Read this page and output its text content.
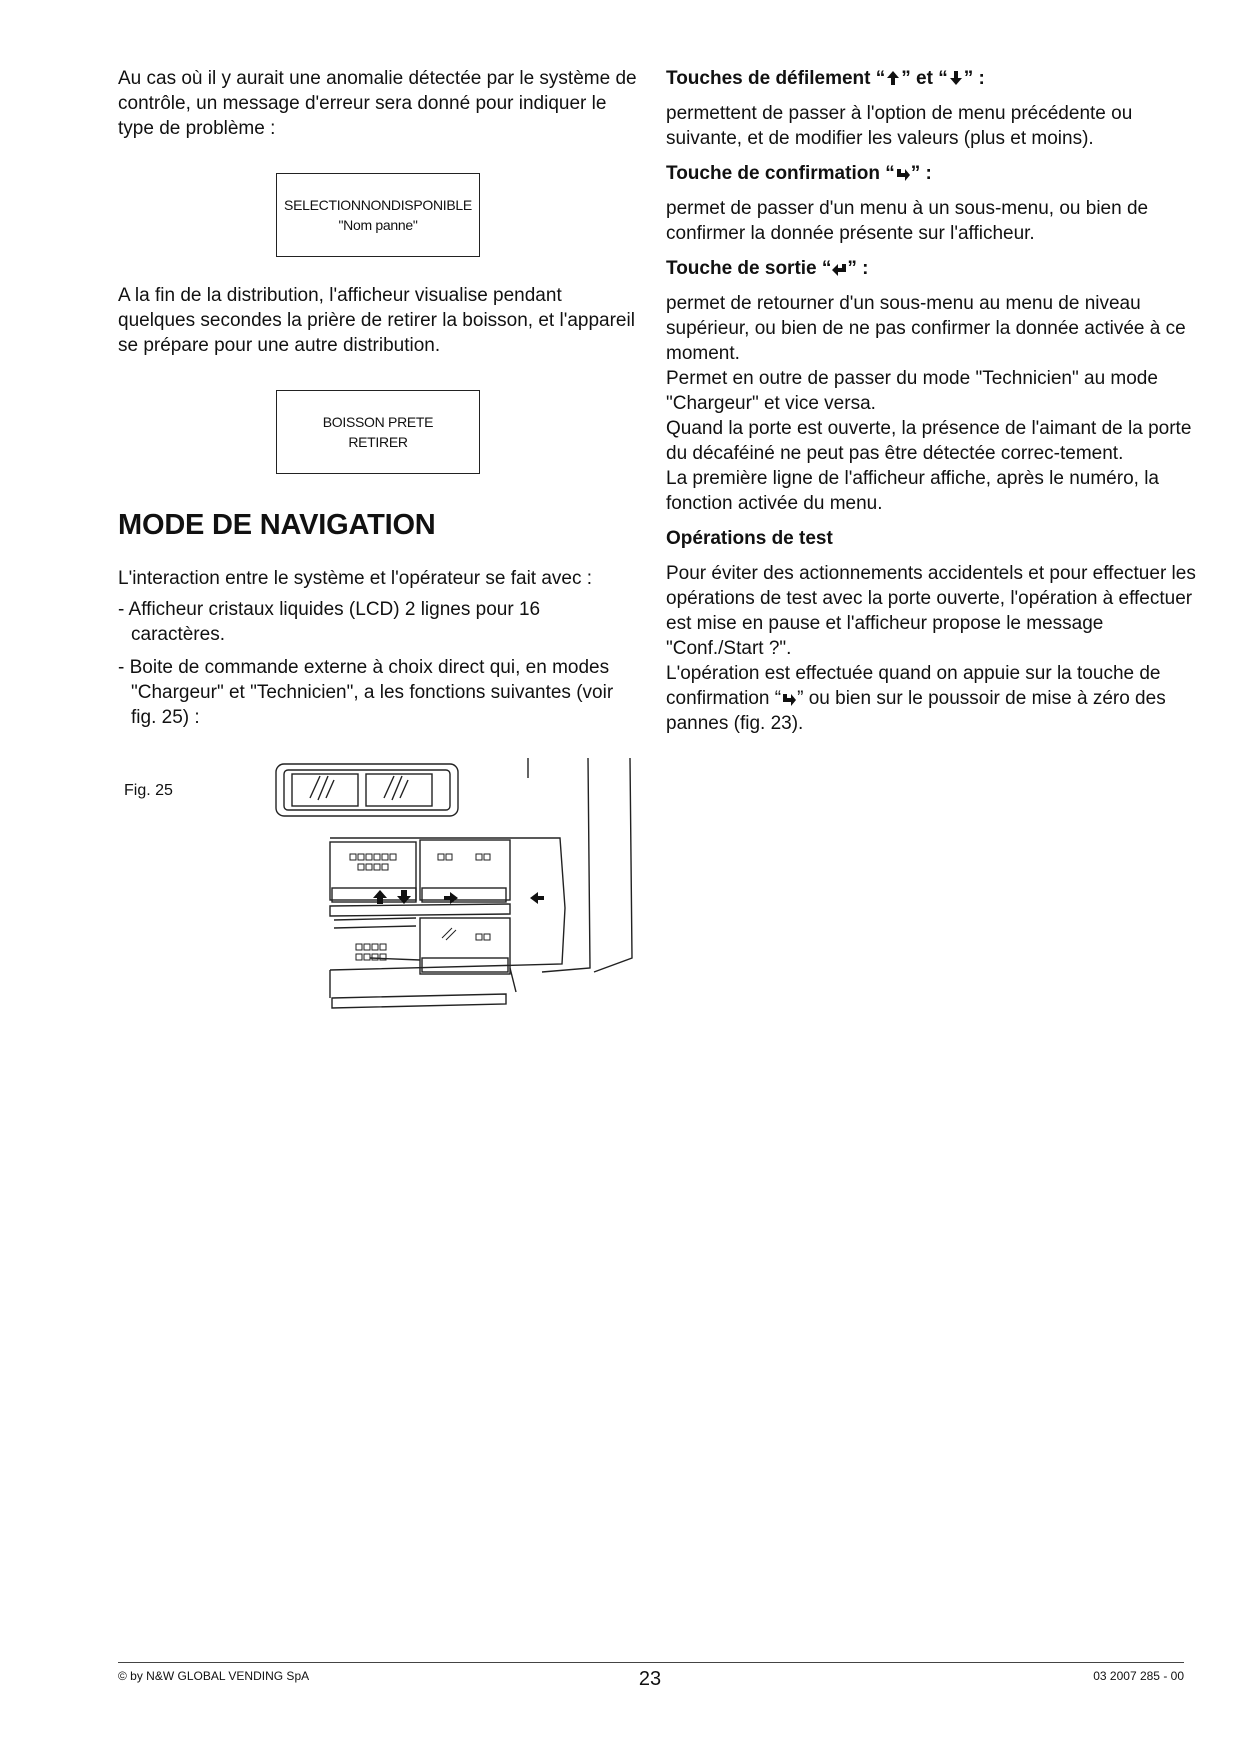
Au cas où il y aurait une anomalie détectée par le système de contrôle, un message d'erreur sera donné pour indiquer le type de problème :

SELECTIONNONDISPONIBLE
"Nom panne"

A la fin de la distribution, l'afficheur visualise pendant quelques secondes la prière de retirer la boisson, et l'appareil se prépare pour une autre distribution.

BOISSON PRETE
RETIRER
MODE DE NAVIGATION

L'interaction entre le système et l'opérateur se fait avec :

- Afficheur cristaux liquides (LCD) 2 lignes pour 16 caractères.

- Boite de commande externe à choix direct qui, en modes "Chargeur" et "Technicien", a les fonctions suivantes (voir fig. 25) :

Fig. 25

Touches de défilement “ ” et “ ” :

permettent de passer à l'option de menu précédente ou suivante, et de modifier les valeurs (plus et moins).

Touche de confirmation “ ” :

permet de passer d'un menu à un sous-menu, ou bien de confirmer la donnée présente sur l'afficheur.

Touche de sortie “ ” :

permet de retourner d'un sous-menu au menu de niveau supérieur, ou bien de ne pas confirmer la donnée activée à ce moment.

Permet en outre de passer du mode "Technicien" au mode "Chargeur" et vice versa.

Quand la porte est ouverte, la présence de l'aimant de la porte du décaféiné ne peut pas être détectée correc-tement.

La première ligne de l'afficheur affiche, après le numéro, la fonction activée du menu.

Opérations de test

Pour éviter des actionnements accidentels et pour effectuer les opérations de test avec la porte ouverte, l'opération à effectuer est mise en pause et l'afficheur propose le message "Conf./Start ?".

L'opération est effectuée quand on appuie sur la touche de confirmation “ ” ou bien sur le poussoir de mise à zéro des pannes (fig. 23).

© by N&W GLOBAL VENDING SpA	23	03 2007 285 - 00
